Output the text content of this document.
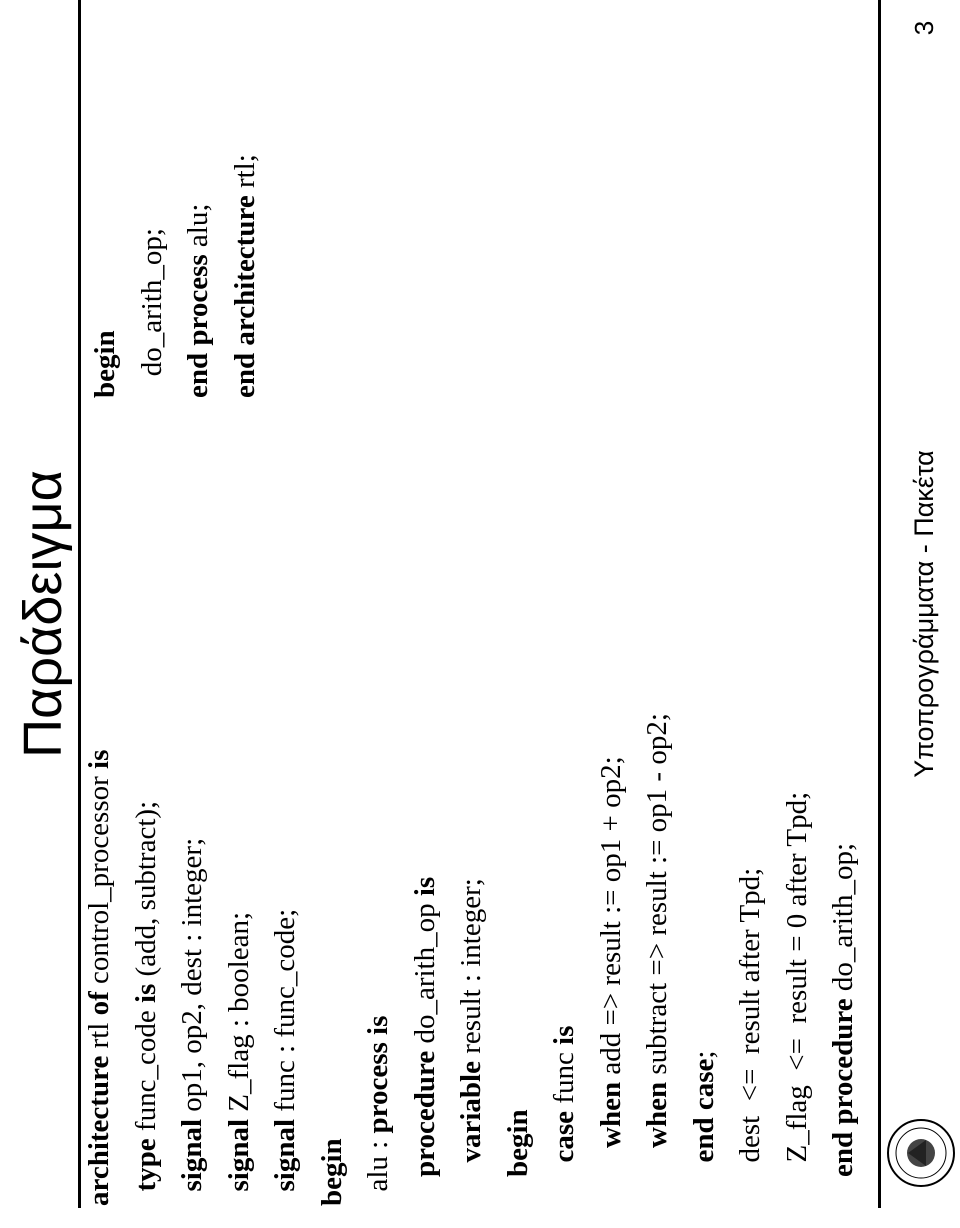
Παράδειγμα
architecture rtl of control_processor is
type func_code is (add, subtract);
signal op1, op2, dest : integer;
signal Z_flag : boolean;
signal func : func_code;
begin alu : process is procedure do_arith_op is
variable result : integer;
begin case func is
when add => result := op1 + op2;
when subtract => result := op1 - op2;
end case; dest  <=  result after Tpd; Z_flag  <=  result = 0 after Tpd; end procedure do_arith_op;
begin do_arith_op; end process alu; end architecture rtl;
Υποπρογράμματα - Πακέτα
3
